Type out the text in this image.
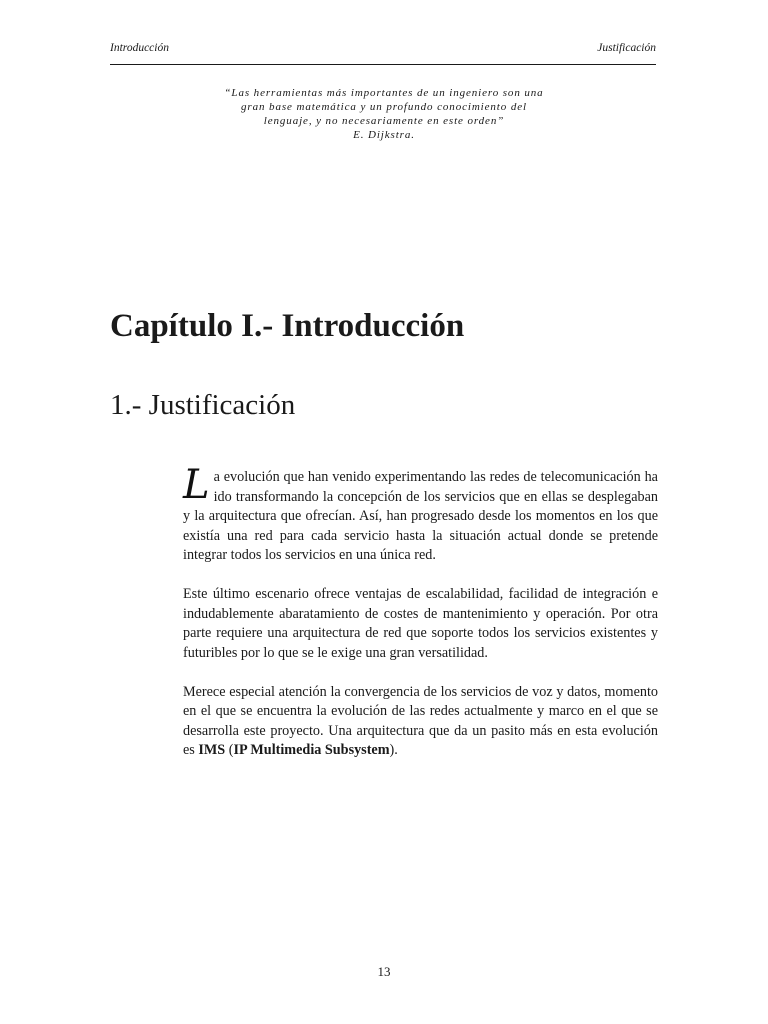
Introducción	Justificación

“Las herramientas más importantes de un ingeniero son una

gran base matemática y un profundo conocimiento del

lenguaje, y no necesariamente en este orden”

E. Dijkstra.

Capítulo I.- Introducción
1.- Justificación

La evolución que han venido experimentando las redes de telecomunicación ha ido transformando la concepción de los servicios que en ellas se desplegaban y la arquitectura que ofrecían. Así, han progresado desde los momentos en los que existía una red para cada servicio hasta la situación actual donde se pretende integrar todos los servicios en una única red.

Este último escenario ofrece ventajas de escalabilidad, facilidad de integración e indudablemente abaratamiento de costes de mantenimiento y operación. Por otra parte requiere una arquitectura de red que soporte todos los servicios existentes y futuribles por lo que se le exige una gran versatilidad.

Merece especial atención la convergencia de los servicios de voz y datos, momento en el que se encuentra la evolución de las redes actualmente y marco en el que se desarrolla este proyecto. Una arquitectura que da un pasito más en esta evolución es IMS (IP Multimedia Subsystem).

13
